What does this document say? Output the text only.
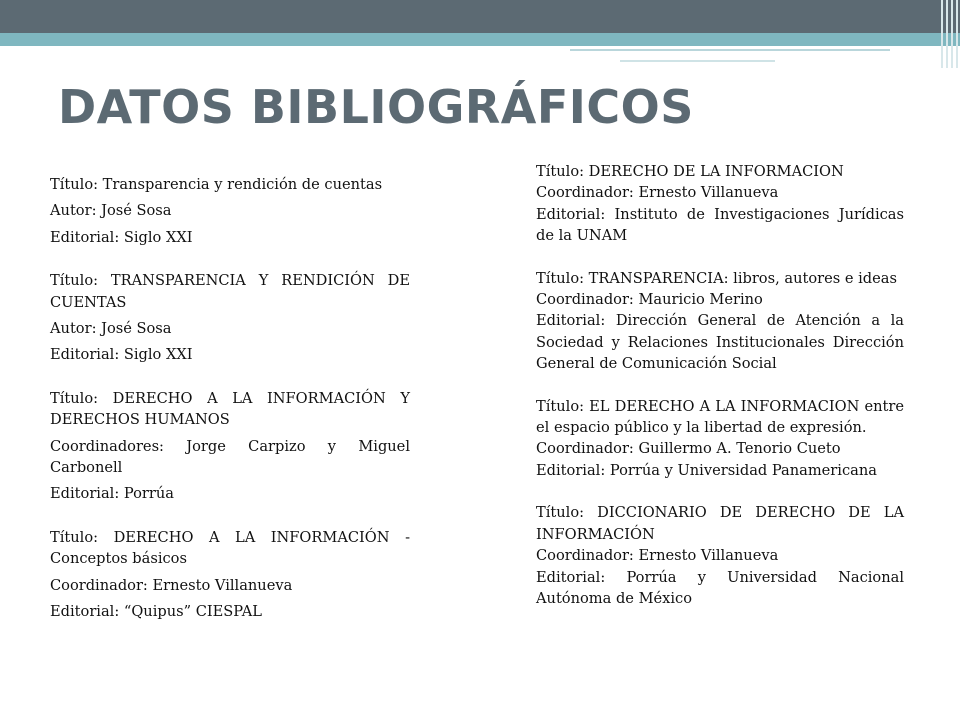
DATOS BIBLIOGRÁFICOS
Título: Transparencia y rendición de cuentas
Autor: José Sosa
Editorial: Siglo XXI
Título: TRANSPARENCIA Y RENDICIÓN DE CUENTAS
Autor: José Sosa
Editorial: Siglo XXI
Título: DERECHO A LA INFORMACIÓN Y DERECHOS HUMANOS
Coordinadores: Jorge Carpizo y Miguel Carbonell
Editorial: Porrúa
Título: DERECHO A LA INFORMACIÓN - Conceptos básicos
Coordinador: Ernesto Villanueva
Editorial: “Quipus” CIESPAL
Título: DERECHO DE LA INFORMACION
Coordinador: Ernesto Villanueva
Editorial: Instituto de Investigaciones Jurídicas de la UNAM
Título: TRANSPARENCIA: libros, autores e ideas
Coordinador: Mauricio Merino
Editorial: Dirección General de Atención a la Sociedad y Relaciones Institucionales Dirección General de Comunicación Social
Título: EL DERECHO A LA INFORMACION entre el espacio público y la libertad de expresión.
Coordinador: Guillermo A. Tenorio Cueto
Editorial: Porrúa y Universidad Panamericana
Título: DICCIONARIO DE DERECHO DE LA INFORMACIÓN
Coordinador: Ernesto Villanueva
Editorial: Porrúa y Universidad Nacional Autónoma de México
